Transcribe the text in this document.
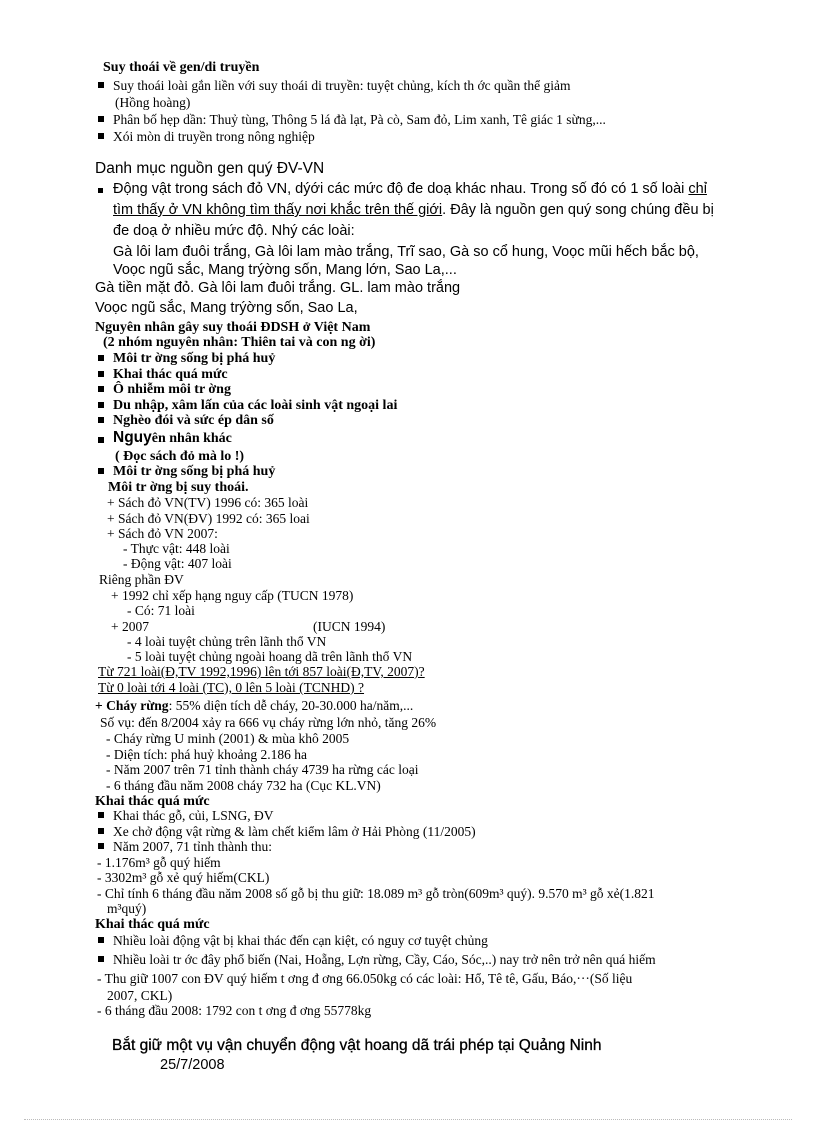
Suy thoái về gen/di truyền
Suy thoái loài gắn liền với suy thoái di truyền: tuyệt chủng, kích th ớc quần thể giảm
(Hồng hoàng)
Phân bố hẹp dần: Thuỷ tùng, Thông 5 lá đà lạt, Pà cò, Sam đỏ, Lim xanh, Tê giác 1 sừng,...
Xói mòn di truyền trong nông nghiệp
Danh mục nguồn gen quý ĐV-VN
Động vật trong sách đỏ VN, dýới các mức độ đe doạ khác nhau. Trong số đó có 1 số loài chỉ
tìm thấy ở VN không tìm thấy nơi khắc trên thế giới. Đây là nguồn gen quý song chúng đều bị
đe doạ ở nhiều mức độ. Nhý các loài:
Gà lôi lam đuôi trắng, Gà lôi lam mào trắng, Trĩ sao, Gà so cổ hung, Voọc mũi hếch bắc bộ,
Voọc ngũ sắc, Mang trýờng sốn, Mang lớn, Sao La,...
Gà tiền mặt đỏ. Gà lôi lam đuôi trắng. GL. lam mào trắng
Voọc ngũ sắc, Mang trýờng sốn, Sao La,
Nguyên nhân gây suy thoái ĐDSH ở Việt Nam
(2 nhóm nguyên nhân: Thiên tai và con ng ời)
Môi tr ờng sống bị phá huỷ
Khai thác quá mức
Ô nhiễm môi tr ờng
Du nhập, xâm lấn của các loài sinh vật ngoại lai
Nghèo đói và sức ép dân số
Nguyên nhân khác
( Đọc sách đỏ mà lo !)
Môi tr ờng sống bị phá huỷ
Môi tr ờng bị suy thoái.
+ Sách đỏ VN(TV) 1996 có: 365 loài
+ Sách đỏ VN(ĐV) 1992 có: 365 loai
+ Sách đỏ VN 2007:
- Thực vật: 448 loài
- Động vật: 407 loài
Riêng phần ĐV
+ 1992 chỉ xếp hạng nguy cấp (TUCN 1978)
- Có: 71 loài
+ 2007	(IUCN 1994)
- 4 loài tuyệt chủng trên lãnh thổ VN
- 5 loài tuyệt chủng ngoài hoang dã trên lãnh thổ VN
Từ 721 loài(Đ,TV 1992,1996) lên tới 857 loài(Đ,TV, 2007)?
Từ 0 loài tới 4 loài (TC), 0 lên 5 loài (TCNHD) ?
+ Cháy rừng: 55% diện tích dễ cháy, 20-30.000 ha/năm,...
Số vụ: đến 8/2004 xảy ra 666 vụ cháy rừng lớn nhỏ, tăng 26%
- Cháy rừng U minh (2001) & mùa khô 2005
- Diện tích: phá huỷ khoảng 2.186 ha
- Năm 2007 trên 71 tỉnh thành cháy 4739 ha rừng các loại
- 6 tháng đầu năm 2008 cháy 732 ha (Cục KL.VN)
Khai thác quá mức
Khai thác gỗ, củi, LSNG, ĐV
Xe chở động vật rừng & làm chết kiểm lâm ở Hải Phòng (11/2005)
Năm 2007, 71 tỉnh thành thu:
- 1.176m³ gỗ quý hiếm
- 3302m³ gỗ xẻ quý hiếm(CKL)
- Chỉ tính 6 tháng đầu năm 2008 số gỗ bị thu giữ: 18.089 m³ gỗ tròn(609m³ quý). 9.570 m³ gỗ xẻ(1.821
m³quý)
Khai thác quá mức
Nhiều loài động vật bị khai thác đến cạn kiệt, có nguy cơ tuyệt chủng
Nhiều loài tr ớc đây phổ biến (Nai, Hoẵng, Lợn rừng, Cầy, Cáo, Sóc,..) nay trở nên trở nên quá hiếm
- Thu giữ 1007 con ĐV quý hiếm t ơng đ ơng 66.050kg có các loài: Hổ, Tê tê, Gấu, Báo,···(Số liệu
2007, CKL)
- 6 tháng đầu 2008: 1792 con t ơng đ ơng 55778kg
Bắt giữ một vụ vận chuyển động vật hoang dã trái phép tại Quảng Ninh
25/7/2008
